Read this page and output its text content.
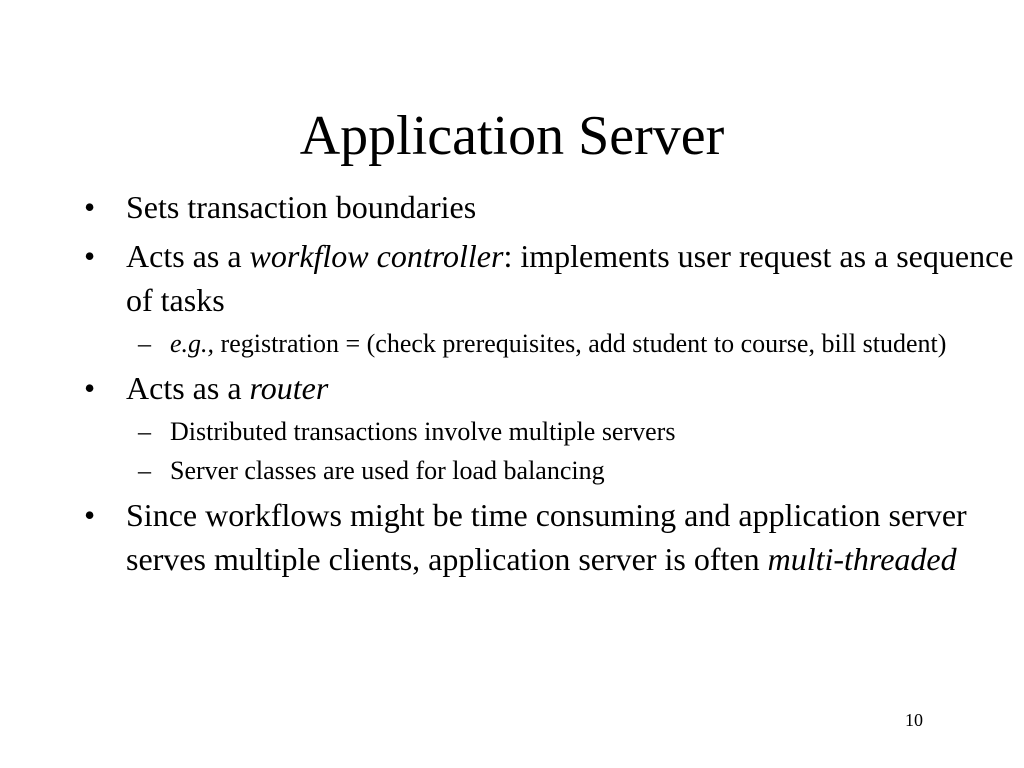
Application Server
• Sets transaction boundaries
• Acts as a workflow controller: implements user request as a sequence of tasks
– e.g., registration = (check prerequisites, add student to course, bill student)
• Acts as a router
– Distributed transactions involve multiple servers
– Server classes are used for load balancing
• Since workflows might be time consuming and application server serves multiple clients, application server is often multi-threaded
10
